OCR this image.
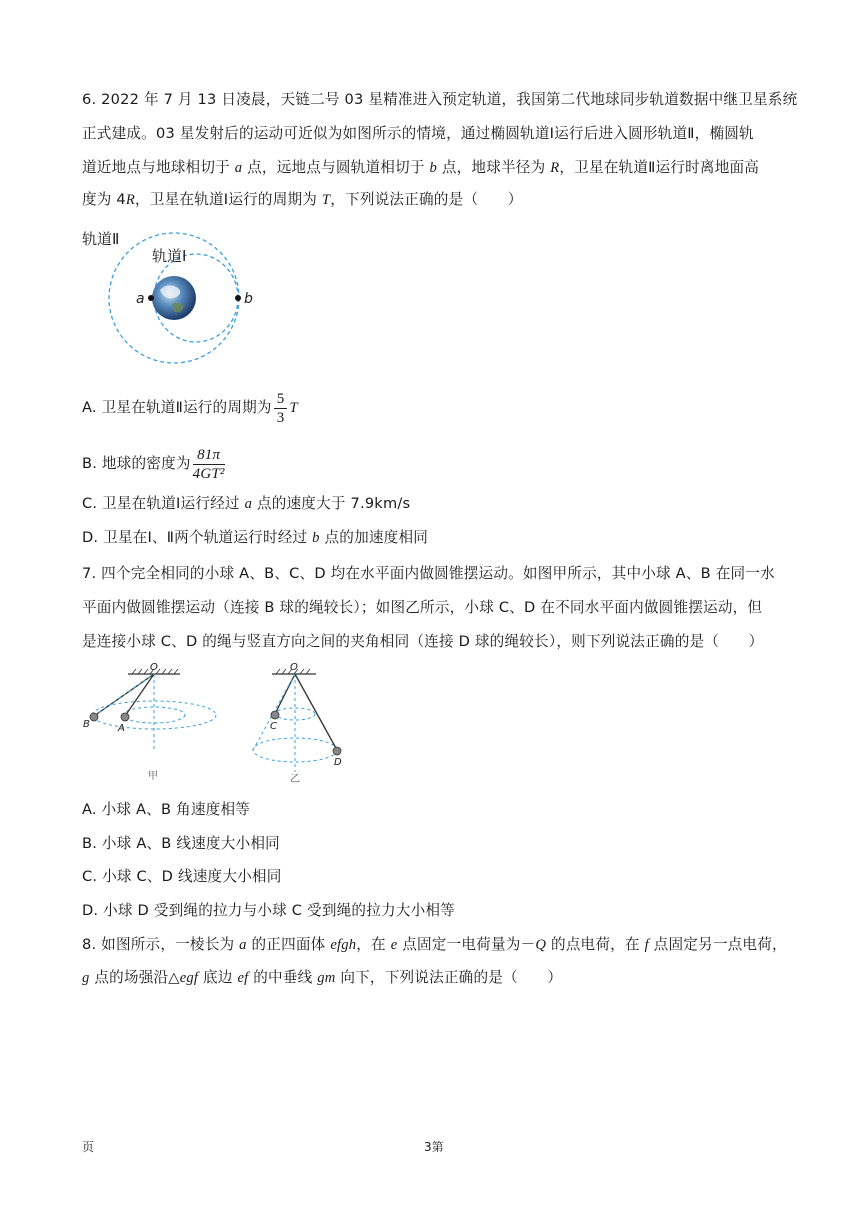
6. 2022 年 7 月 13 日凌晨，天链二号 03 星精准进入预定轨道，我国第二代地球同步轨道数据中继卫星系统
正式建成。03 星发射后的运动可近似为如图所示的情境，通过椭圆轨道Ⅰ运行后进入圆形轨道Ⅱ，椭圆轨
道近地点与地球相切于 a 点，远地点与圆轨道相切于 b 点，地球半径为 R，卫星在轨道Ⅱ运行时离地面高
度为 4R，卫星在轨道Ⅰ运行的周期为 T，下列说法正确的是（　　）
轨道Ⅱ
轨道Ⅰ
a	b
A. 卫星在轨道Ⅱ运行的周期为 $\frac{5}{3}$ T
B. 地球的密度为 $\frac{81\pi}{\text{4GT²}}$
C. 卫星在轨道Ⅰ运行经过 a 点的速度大于 7.9km/s
D. 卫星在Ⅰ、Ⅱ两个轨道运行时经过 b 点的加速度相同
7. 四个完全相同的小球 A、B、C、D 均在水平面内做圆锥摆运动。如图甲所示，其中小球 A、B 在同一水
平面内做圆锥摆运动（连接 B 球的绳较长）；如图乙所示，小球 C、D 在不同水平面内做圆锥摆运动，但
是连接小球 C、D 的绳与竖直方向之间的夹角相同（连接 D 球的绳较长），则下列说法正确的是（　　）
O
B	A
甲
O
C
D
乙
A. 小球 A、B 角速度相等
B. 小球 A、B 线速度大小相同
C. 小球 C、D 线速度大小相同
D. 小球 D 受到绳的拉力与小球 C 受到绳的拉力大小相等
8. 如图所示，一棱长为 a 的正四面体 efgh，在 e 点固定一电荷量为－Q 的点电荷，在 f 点固定另一点电荷，
g 点的场强沿△egf 底边 ef 的中垂线 gm 向下，下列说法正确的是（　　）
页	3第
